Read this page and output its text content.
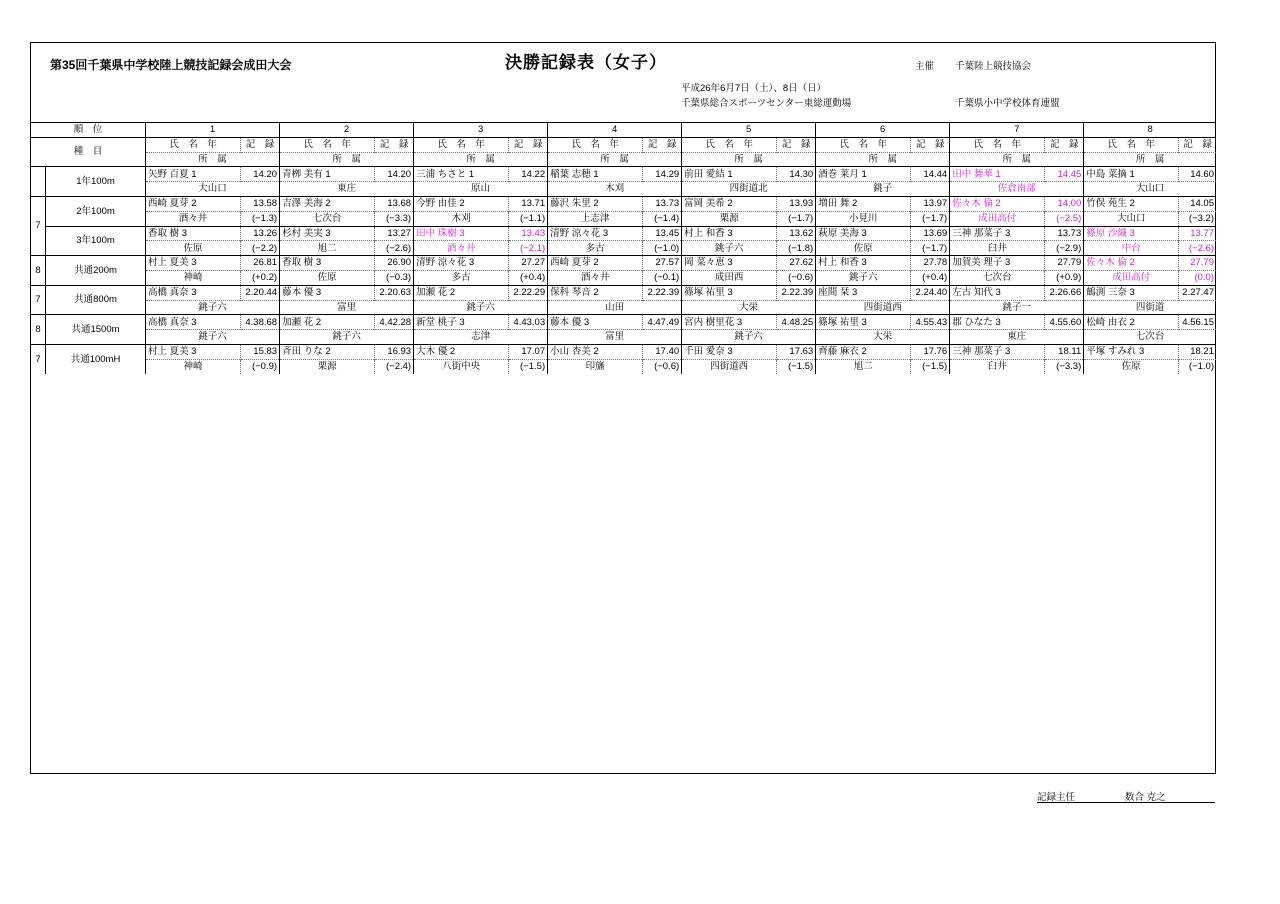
第35回千葉県中学校陸上競技記録会成田大会	決勝記録表（女子）	主催 千葉陸上競技協会
平成26年6月7日（土）、8日（日）
千葉県総合スポーツセンター東総運動場	千葉県小中学校体育連盟
順　位		1		2		3		4		5		6		7		8	
種　目		氏　名　年	記　録	氏　名　年	記　録	氏　名　年	記　録	氏　名　年	記　録	氏　名　年	記　録	氏　名　年	記　録	氏　名　年	記　録	氏　名　年	記　録
		所　属		所　属		所　属		所　属		所　属		所　属		所　属		所　属	
	1年100m	矢野 百夏 1	14.20	青栁 美有 1	14.20	三浦 ちさと 1	14.22	稲葉 志穂 1	14.29	前田 愛結 1	14.30	酒巻 莱月 1	14.44	田中 舞華 1	14.45	中島 菜摘 1	14.60
		大山口		東庄		原山		木刈		四街道北		銚子		佐倉南部		大山口	
7	2年100m	西崎 夏芽 2	13.58	吉澤 美海 2	13.68	今野 由佳 2	13.71	藤沢 朱里 2	13.73	富岡 美希 2	13.93	増田 舞 2	13.97	佐々木 倫 2	14.00	竹俣 苑生 2	14.05
		酒々井	(−1.3)	七次台	(−3.3)	木刈	(−1.1)	上志津	(−1.4)	栗源	(−1.7)	小見川	(−1.7)	成田高付	(−2.5)	大山口	(−3.2)
	3年100m	香取 樹 3	13.26	杉村 美実 3	13.27	田中 珠樹 3	13.43	清野 涼々花 3	13.45	村上 和香 3	13.62	萩原 美海 3	13.69	三神 那菜子 3	13.73	篠原 沙織 3	13.77
		佐原	(−2.2)	旭二	(−2.6)	酒々井	(−2.1)	多古	(−1.0)	銚子六	(−1.8)	佐原	(−1.7)	臼井	(−2.9)	中台	(−2.6)
8	共通200m	村上 夏美 3	26.81	香取 樹 3	26.90	清野 涼々花 3	27.27	西崎 夏芽 2	27.57	岡 菜々恵 3	27.62	村上 和香 3	27.78	加賀美 理子 3	27.79	佐々木 倫 2	27.79
		神崎	(+0.2)	佐原	(−0.3)	多古	(+0.4)	酒々井	(−0.1)	成田西	(−0.6)	銚子六	(+0.4)	七次台	(+0.9)	成田高付	(0.0)
7	共通800m	高橋 真奈 3	2.20.44	藤本 優 3	2.20.63	加瀬 花 2	2.22.29	保科 琴音 2	2.22.39	篠塚 祐里 3	2.22.39	座間 栞 3	2.24.40	左古 知代 3	2.26.66	鶴渕 三奈 3	2.27.47
		銚子六		富里		銚子六		山田		大栄		四街道西		銚子一		四街道	
8	共通1500m	高橋 真奈 3	4.38.68	加瀬 花 2	4.42.28	新堂 桃子 3	4.43.03	藤本 優 3	4.47.49	宮内 樹里花 3	4.48.25	篠塚 祐里 3	4.55.43	郡 ひなた 3	4.55.60	松崎 由衣 2	4.56.15
		銚子六		銚子六		志津		富里		銚子六		大栄		東庄		七次台	
7	共通100mH	村上 夏美 3	15.83	斉田 りな 2	16.93	大木 優 2	17.07	小山 杏美 2	17.40	千田 愛奈 3	17.63	齊藤 麻衣 2	17.76	三神 那菜子 3	18.11	平塚 すみれ 3	18.21
		神崎	(−0.9)	栗源	(−2.4)	八街中央	(−1.5)	印旛	(−0.6)	四街道西	(−1.5)	旭二	(−1.5)	臼井	(−3.3)	佐原	(−1.0)
記録主任	数合 克之
